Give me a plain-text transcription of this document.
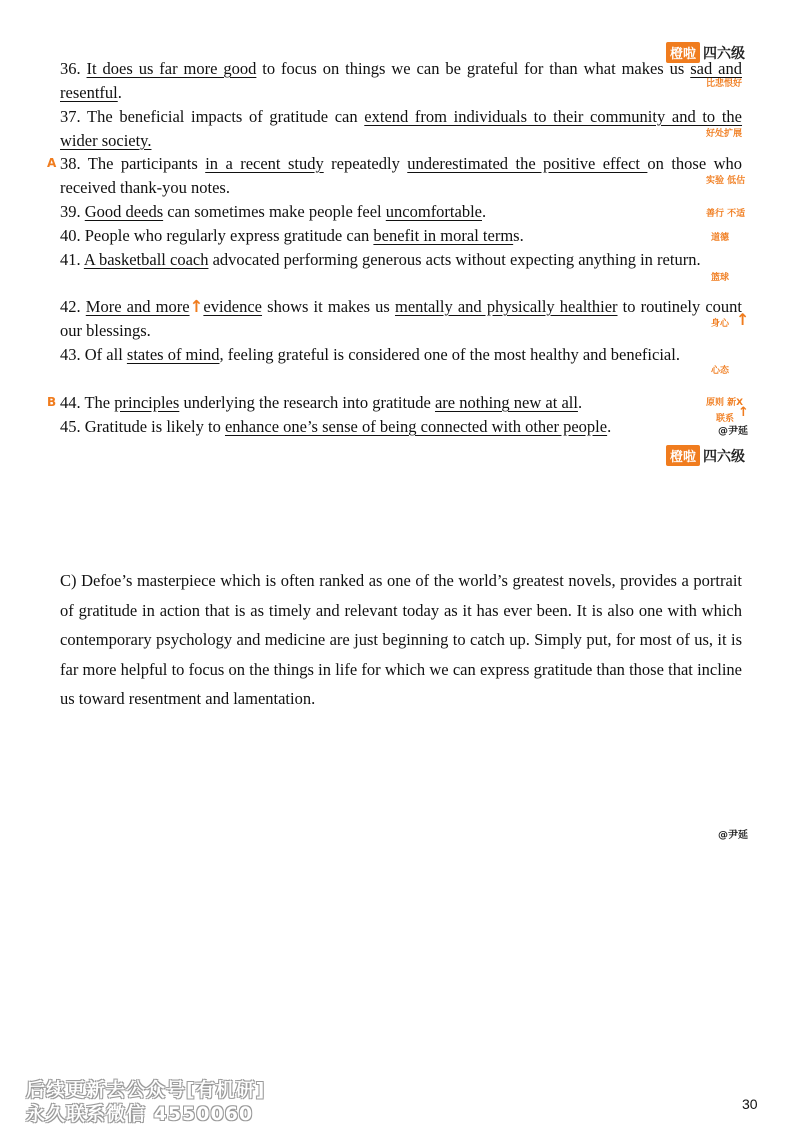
橙啦 四六级
36. It does us far more good to focus on things we can be grateful for than what makes us sad and resentful.
37. The beneficial impacts of gratitude can extend from individuals to their community and to the wider society.
38. The participants in a recent study repeatedly underestimated the positive effect on those who received thank-you notes.
39. Good deeds can sometimes make people feel uncomfortable.
40. People who regularly express gratitude can benefit in moral terms.
41. A basketball coach advocated performing generous acts without expecting anything in return.
42. More and more↑evidence shows it makes us mentally and physically healthier to routinely count our blessings.
43. Of all states of mind, feeling grateful is considered one of the most healthy and beneficial.
44. The principles underlying the research into gratitude are nothing new at all.
45. Gratitude is likely to enhance one’s sense of being connected with other people.
A
B
比悲恨好
好处扩展
实验 低估
善行 不适
道德
篮球
身心 ↑
心态
原则 新X
联系 ↑
@尹延
橙啦 四六级
C) Defoe’s masterpiece which is often ranked as one of the world’s greatest novels, provides a portrait of gratitude in action that is as timely and relevant today as it has ever been. It is also one with which contemporary psychology and medicine are just beginning to catch up. Simply put, for most of us, it is far more helpful to focus on the things in life for which we can express gratitude than those that incline us toward resentment and lamentation.
@尹延
后续更新去公众号[有机研]
永久联系微信 4550060	30
